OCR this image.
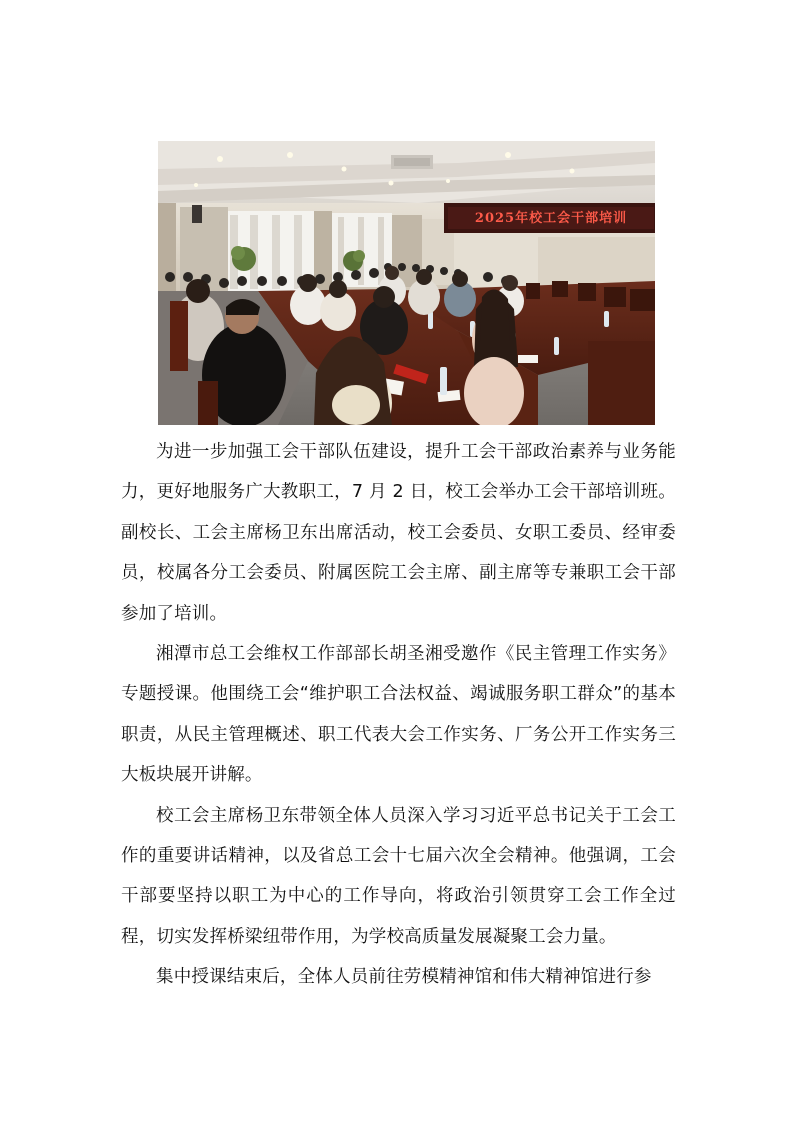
2025年校工会干部培训

为进一步加强工会干部队伍建设，提升工会干部政治素养与业务能力，更好地服务广大教职工，7 月 2 日，校工会举办工会干部培训班。副校长、工会主席杨卫东出席活动，校工会委员、女职工委员、经审委员，校属各分工会委员、附属医院工会主席、副主席等专兼职工会干部参加了培训。

湘潭市总工会维权工作部部长胡圣湘受邀作《民主管理工作实务》专题授课。他围绕工会“维护职工合法权益、竭诚服务职工群众”的基本职责，从民主管理概述、职工代表大会工作实务、厂务公开工作实务三大板块展开讲解。

校工会主席杨卫东带领全体人员深入学习习近平总书记关于工会工作的重要讲话精神，以及省总工会十七届六次全会精神。他强调，工会干部要坚持以职工为中心的工作导向，将政治引领贯穿工会工作全过程，切实发挥桥梁纽带作用，为学校高质量发展凝聚工会力量。

集中授课结束后，全体人员前往劳模精神馆和伟大精神馆进行参
